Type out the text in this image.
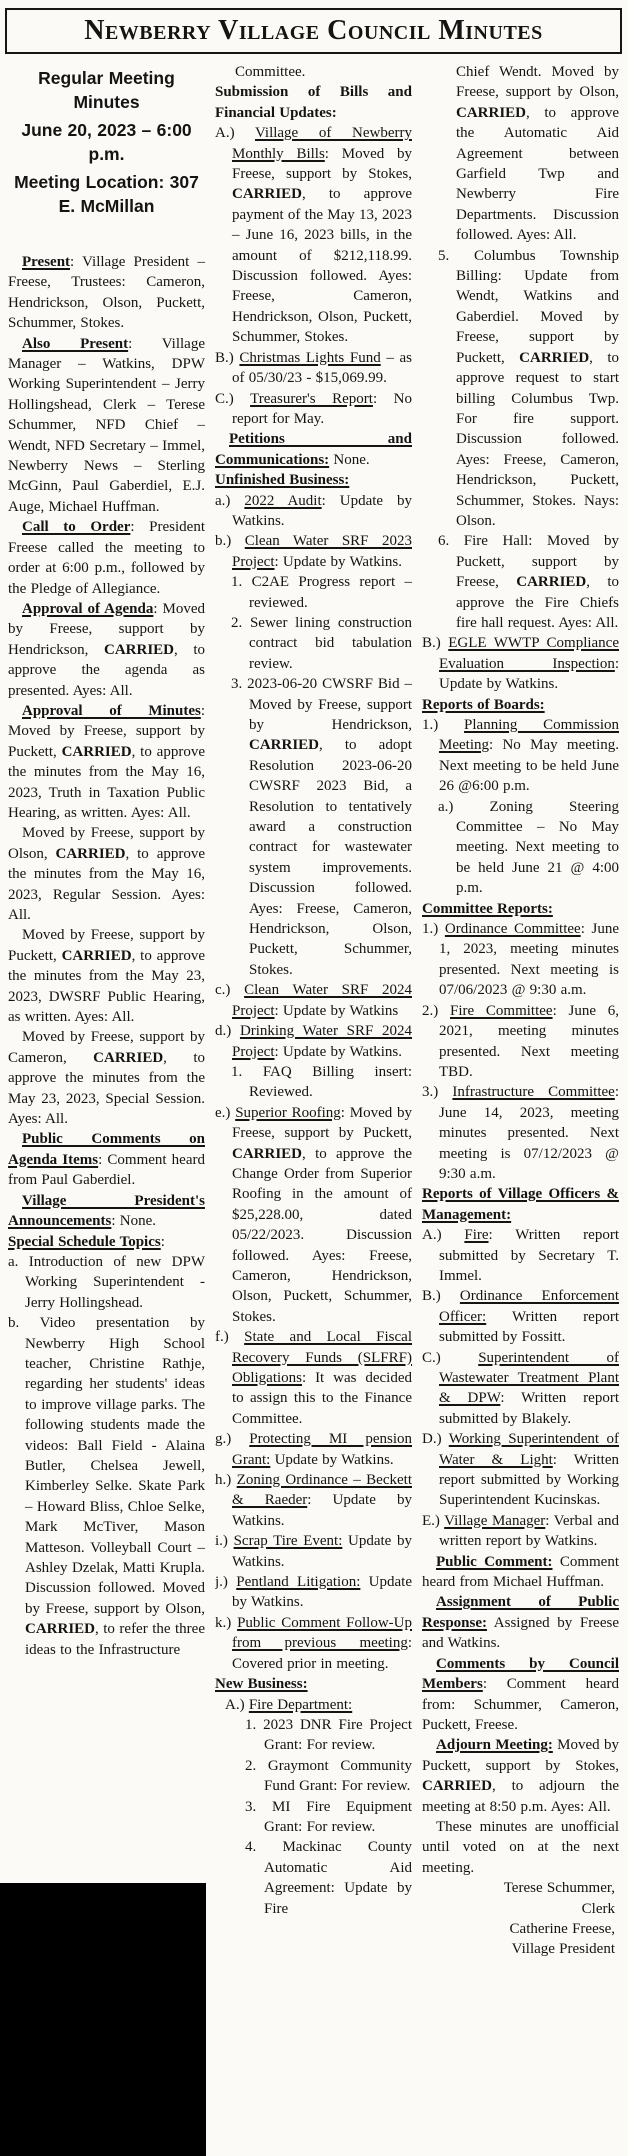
Newberry Village Council Minutes
Regular Meeting Minutes
June 20, 2023 – 6:00 p.m.
Meeting Location: 307 E. McMillan
Present: Village President – Freese, Trustees: Cameron, Hendrickson, Olson, Puckett, Schummer, Stokes.
Also Present: Village Manager – Watkins, DPW Working Superintendent – Jerry Hollingshead, Clerk – Terese Schummer, NFD Chief – Wendt, NFD Secretary – Immel, Newberry News – Sterling McGinn, Paul Gaberdiel, E.J. Auge, Michael Huffman.
Call to Order: President Freese called the meeting to order at 6:00 p.m., followed by the Pledge of Allegiance.
Approval of Agenda: Moved by Freese, support by Hendrickson, CARRIED, to approve the agenda as presented. Ayes: All.
Approval of Minutes: Moved by Freese, support by Puckett, CARRIED, to approve the minutes from the May 16, 2023, Truth in Taxation Public Hearing, as written. Ayes: All.
Moved by Freese, support by Olson, CARRIED, to approve the minutes from the May 16, 2023, Regular Session. Ayes: All.
Moved by Freese, support by Puckett, CARRIED, to approve the minutes from the May 23, 2023, DWSRF Public Hearing, as written. Ayes: All.
Moved by Freese, support by Cameron, CARRIED, to approve the minutes from the May 23, 2023, Special Session. Ayes: All.
Public Comments on Agenda Items: Comment heard from Paul Gaberdiel.
Village President's Announcements: None.
Special Schedule Topics:
a. Introduction of new DPW Working Superintendent - Jerry Hollingshead.
b. Video presentation by Newberry High School teacher, Christine Rathje, regarding her students' ideas to improve village parks. The following students made the videos: Ball Field - Alaina Butler, Chelsea Jewell, Kimberley Selke. Skate Park – Howard Bliss, Chloe Selke, Mark McTiver, Mason Matteson. Volleyball Court – Ashley Dzelak, Matti Krupla. Discussion followed. Moved by Freese, support by Olson, CARRIED, to refer the three ideas to the Infrastructure
Committee.
Submission of Bills and Financial Updates:
A.) Village of Newberry Monthly Bills: Moved by Freese, support by Stokes, CARRIED, to approve payment of the May 13, 2023 – June 16, 2023 bills, in the amount of $212,118.99. Discussion followed. Ayes: Freese, Cameron, Hendrickson, Olson, Puckett, Schummer, Stokes.
B.) Christmas Lights Fund – as of 05/30/23 - $15,069.99.
C.) Treasurer's Report: No report for May.
Petitions and Communications: None.
Unfinished Business:
a.) 2022 Audit: Update by Watkins.
b.) Clean Water SRF 2023 Project: Update by Watkins.
1. C2AE Progress report – reviewed.
2. Sewer lining construction contract bid tabulation review.
3. 2023-06-20 CWSRF Bid – Moved by Freese, support by Hendrickson, CARRIED, to adopt Resolution 2023-06-20 CWSRF 2023 Bid, a Resolution to tentatively award a construction contract for wastewater system improvements. Discussion followed. Ayes: Freese, Cameron, Hendrickson, Olson, Puckett, Schummer, Stokes.
c.) Clean Water SRF 2024 Project: Update by Watkins
d.) Drinking Water SRF 2024 Project: Update by Watkins.
1. FAQ Billing insert: Reviewed.
e.) Superior Roofing: Moved by Freese, support by Puckett, CARRIED, to approve the Change Order from Superior Roofing in the amount of $25,228.00, dated 05/22/2023. Discussion followed. Ayes: Freese, Cameron, Hendrickson, Olson, Puckett, Schummer, Stokes.
f.) State and Local Fiscal Recovery Funds (SLFRF) Obligations: It was decided to assign this to the Finance Committee.
g.) Protecting MI pension Grant: Update by Watkins.
h.) Zoning Ordinance – Beckett & Raeder: Update by Watkins.
i.) Scrap Tire Event: Update by Watkins.
j.) Pentland Litigation: Update by Watkins.
k.) Public Comment Follow-Up from previous meeting: Covered prior in meeting.
New Business:
A.) Fire Department:
1. 2023 DNR Fire Project Grant: For review.
2. Graymont Community Fund Grant: For review.
3. MI Fire Equipment Grant: For review.
4. Mackinac County Automatic Aid Agreement: Update by Fire
Chief Wendt. Moved by Freese, support by Olson, CARRIED, to approve the Automatic Aid Agreement between Garfield Twp and Newberry Fire Departments. Discussion followed. Ayes: All.
5. Columbus Township Billing: Update from Wendt, Watkins and Gaberdiel. Moved by Freese, support by Puckett, CARRIED, to approve request to start billing Columbus Twp. For fire support. Discussion followed. Ayes: Freese, Cameron, Hendrickson, Puckett, Schummer, Stokes. Nays: Olson.
6. Fire Hall: Moved by Puckett, support by Freese, CARRIED, to approve the Fire Chiefs fire hall request. Ayes: All.
B.) EGLE WWTP Compliance Evaluation Inspection: Update by Watkins.
Reports of Boards:
1.) Planning Commission Meeting: No May meeting. Next meeting to be held June 26 @6:00 p.m.
a.) Zoning Steering Committee – No May meeting. Next meeting to be held June 21 @ 4:00 p.m.
Committee Reports:
1.) Ordinance Committee: June 1, 2023, meeting minutes presented. Next meeting is 07/06/2023 @ 9:30 a.m.
2.) Fire Committee: June 6, 2021, meeting minutes presented. Next meeting TBD.
3.) Infrastructure Committee: June 14, 2023, meeting minutes presented. Next meeting is 07/12/2023 @ 9:30 a.m.
Reports of Village Officers & Management:
A.) Fire: Written report submitted by Secretary T. Immel.
B.) Ordinance Enforcement Officer: Written report submitted by Fossitt.
C.) Superintendent of Wastewater Treatment Plant & DPW: Written report submitted by Blakely.
D.) Working Superintendent of Water & Light: Written report submitted by Working Superintendent Kucinskas.
E.) Village Manager: Verbal and written report by Watkins.
Public Comment: Comment heard from Michael Huffman.
Assignment of Public Response: Assigned by Freese and Watkins.
Comments by Council Members: Comment heard from: Schummer, Cameron, Puckett, Freese.
Adjourn Meeting: Moved by Puckett, support by Stokes, CARRIED, to adjourn the meeting at 8:50 p.m. Ayes: All.
These minutes are unofficial until voted on at the next meeting.
Terese Schummer,
Clerk
Catherine Freese,
Village President
